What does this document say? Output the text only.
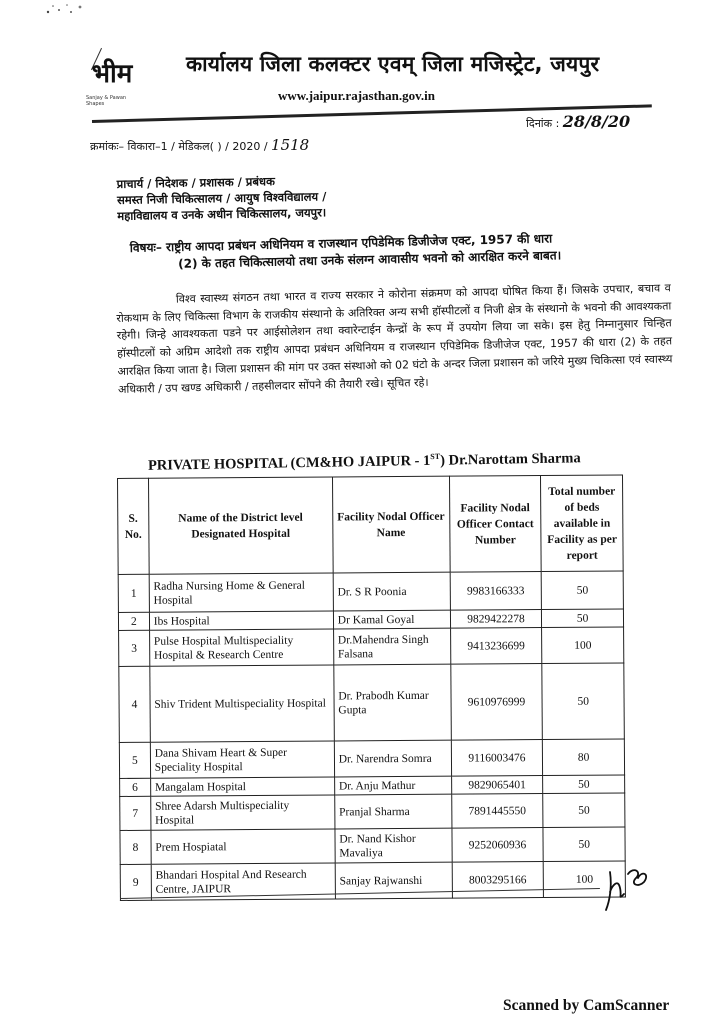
भीम
Sanjay & Pawan Shapes
कार्यालय जिला कलक्टर एवम् जिला मजिस्ट्रेट, जयपुर
www.jaipur.rajasthan.gov.in
दिनांक : 28/8/20
क्रमांकः– विकारा–1 / मेडिकल( ) / 2020 / 1518
प्राचार्य / निदेशक / प्रशासक / प्रबंधक
समस्त निजी चिकित्सालय / आयुष विश्वविद्यालय /
महाविद्यालय व उनके अधीन चिकित्सालय, जयपुर।
विषयः– राष्ट्रीय आपदा प्रबंधन अधिनियम व राजस्थान एपिडेमिक डिजीजेज एक्ट, 1957 की धारा
(2) के तहत चिकित्सालयो तथा उनके संलग्न आवासीय भवनो को आरक्षित करने बाबत।
विश्व स्वास्थ्य संगठन तथा भारत व राज्य सरकार ने कोरोना संक्रमण को आपदा घोषित किया हैं। जिसके उपचार, बचाव व रोकथाम के लिए चिकित्सा विभाग के राजकीय संस्थानो के अतिरिक्त अन्य सभी हॉस्पीटलों व निजी क्षेत्र के संस्थानो के भवनो की आवश्यकता रहेगी। जिन्हे आवश्यकता पडने पर आईसोलेशन तथा क्वारेन्टाईन केन्द्रों के रूप में उपयोग लिया जा सके। इस हेतु निम्नानुसार चिन्हित हॉस्पीटलों को अग्रिम आदेशो तक राष्ट्रीय आपदा प्रबंधन अधिनियम व राजस्थान एपिडेमिक डिजीजेज एक्ट, 1957 की धारा (2) के तहत आरक्षित किया जाता है। जिला प्रशासन की मांग पर उक्त संस्थाओ को 02 घंटो के अन्दर जिला प्रशासन को जरिये मुख्य चिकित्सा एवं स्वास्थ्य अधिकारी / उप खण्ड अधिकारी / तहसीलदार सोंपने की तैयारी रखे। सूचित रहे।
PRIVATE HOSPITAL (CM&HO JAIPUR - 1ST) Dr.Narottam Sharma
S. No.	Name of the District level Designated Hospital	Facility Nodal Officer Name	Facility Nodal Officer Contact Number	Total number of beds available in Facility as per report
1	Radha Nursing Home & General Hospital	Dr. S R Poonia	9983166333	50
2	Ibs Hospital	Dr Kamal Goyal	9829422278	50
3	Pulse Hospital Multispeciality Hospital & Research Centre	Dr.Mahendra Singh Falsana	9413236699	100
4	Shiv Trident Multispeciality Hospital	Dr. Prabodh Kumar Gupta	9610976999	50
5	Dana Shivam Heart & Super Speciality Hospital	Dr. Narendra Somra	9116003476	80
6	Mangalam Hospital	Dr. Anju Mathur	9829065401	50
7	Shree Adarsh Multispeciality Hospital	Pranjal Sharma	7891445550	50
8	Prem Hospiatal	Dr. Nand Kishor Mavaliya	9252060936	50
9	Bhandari Hospital And Research Centre, JAIPUR	Sanjay Rajwanshi	8003295166	100
Scanned by CamScanner
